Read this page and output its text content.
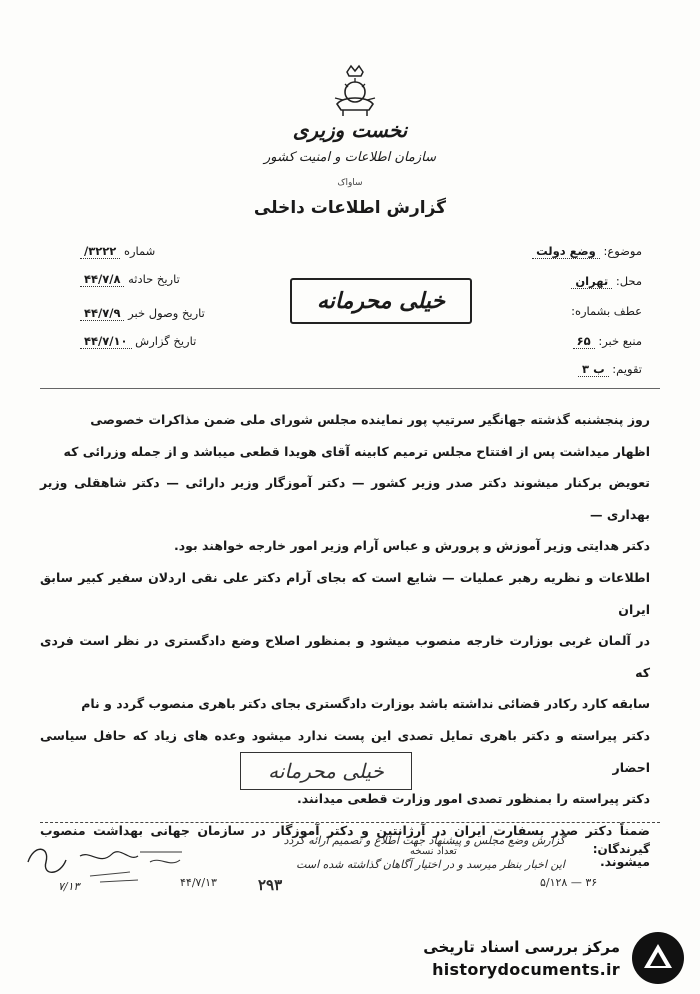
نخست وزیری
سازمان اطلاعات و امنیت کشور
ساواک
گزارش اطلاعات داخلی
موضوع: وضع دولت
محل: تهران
عطف بشماره:
منبع خبر: ۶۵
تقویم: ب ۳
شماره ۳۲۲۲/
تاریخ حادثه ۴۴/۷/۸
تاریخ وصول خبر ۴۴/۷/۹
تاریخ گزارش ۴۴/۷/۱۰
خیلی محرمانه

روز پنجشنبه گذشته جهانگیر سرتیپ پور نماینده مجلس شورای ملی ضمن مذاکرات خصوصی

اظهار میداشت پس از افتتاح مجلس ترمیم کابینه آقای هویدا قطعی میباشد و از جمله وزرائی که

تعویض برکنار میشوند دکتر صدر وزیر کشور — دکتر آموزگار وزیر دارائی — دکتر شاهقلی وزیر بهداری —

دکتر هدایتی وزیر آموزش و پرورش و عباس آرام وزیر امور خارجه خواهند بود.

اطلاعات و نظریه رهبر عملیات — شایع است که بجای آرام دکتر علی نقی اردلان سفیر کبیر سابق ایران

در آلمان غربی بوزارت خارجه منصوب میشود و بمنظور اصلاح وضع دادگستری در نظر است فردی که

سابقه کارد رکادر قضائی نداشته باشد بوزارت دادگستری بجای دکتر باهری منصوب گردد و نام

دکتر پیراسته و دکتر باهری تمایل تصدی این پست ندارد میشود وعده های زیاد که حافل سیاسی احضار

دکتر پیراسته را بمنظور تصدی امور وزارت قطعی میدانند.

ضمناً دکتر صدر بسفارت ایران در آرژانتین و دکتر آموزگار در سازمان جهانی بهداشت منصوب میشوند.

خیلی محرمانه
گیرندگان:
گزارش وضع مجلس و پیشنهاد جهت اطلاع و تصمیم ارائه گردد
این اخبار بنظر میرسد و در اختیار آگاهان گذاشته شده است
تعداد نسخه
۵/۱۲۸ — ۳۶
۴۴/۷/۱۳	۲۹۳
۷/۱۳
مرکز بررسی اسناد تاریخی
historydocuments.ir
